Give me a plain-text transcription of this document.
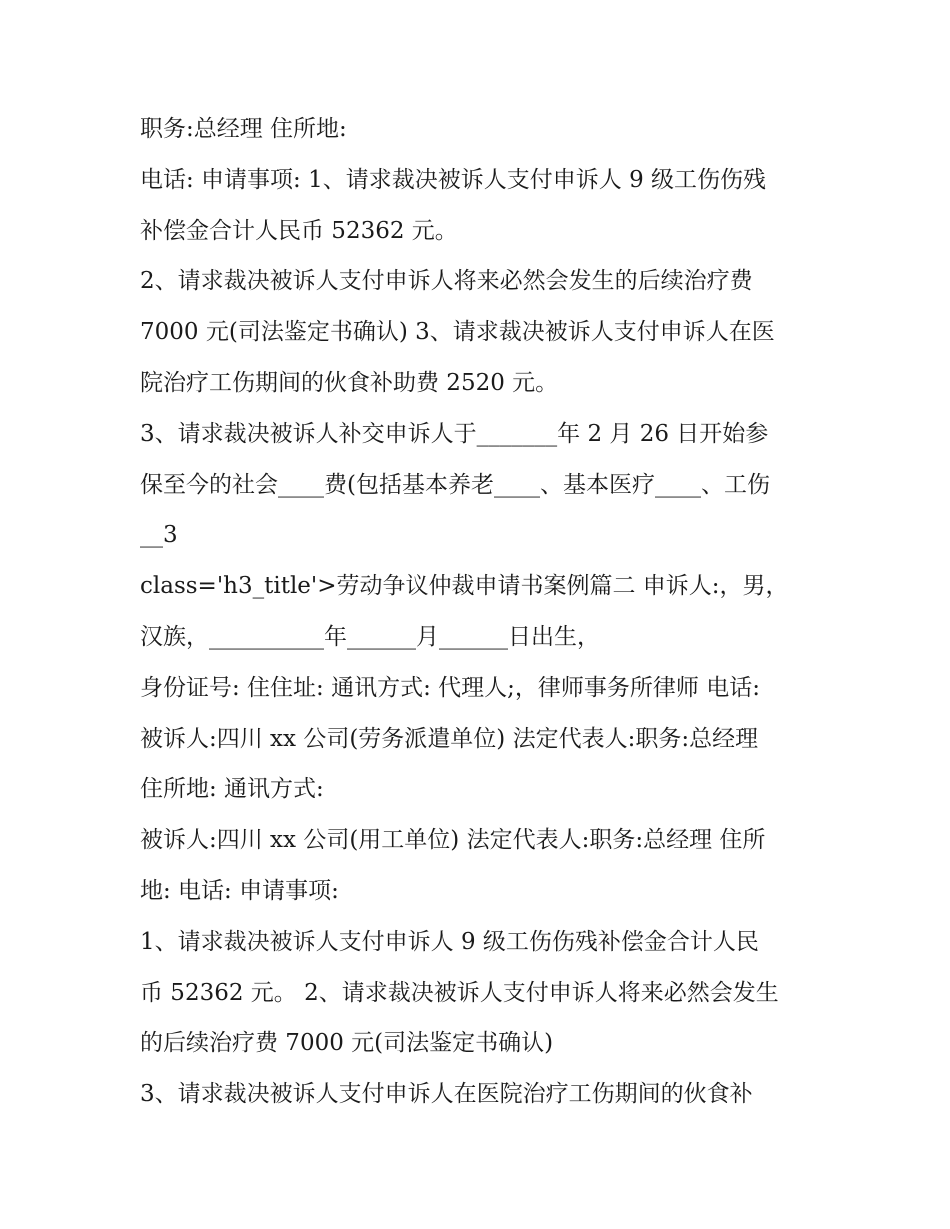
职务:总经理 住所地:
电话: 申请事项: 1、请求裁决被诉人支付申诉人 9 级工伤伤残
补偿金合计人民币 52362 元。
2、请求裁决被诉人支付申诉人将来必然会发生的后续治疗费
7000 元(司法鉴定书确认) 3、请求裁决被诉人支付申诉人在医
院治疗工伤期间的伙食补助费 2520 元。
3、请求裁决被诉人补交申诉人于_______年 2 月 26 日开始参
保至今的社会____费(包括基本养老____、基本医疗____、工伤
__3
class='h3_title'>劳动争议仲裁申请书案例篇二 申诉人:，男，
汉族，__________年______月______日出生，
身份证号: 住住址: 通讯方式: 代理人;，律师事务所律师 电话:
被诉人:四川 xx 公司(劳务派遣单位) 法定代表人:职务:总经理
住所地: 通讯方式:
被诉人:四川 xx 公司(用工单位) 法定代表人:职务:总经理 住所
地: 电话: 申请事项:
1、请求裁决被诉人支付申诉人 9 级工伤伤残补偿金合计人民
币 52362 元。 2、请求裁决被诉人支付申诉人将来必然会发生
的后续治疗费 7000 元(司法鉴定书确认)
3、请求裁决被诉人支付申诉人在医院治疗工伤期间的伙食补
